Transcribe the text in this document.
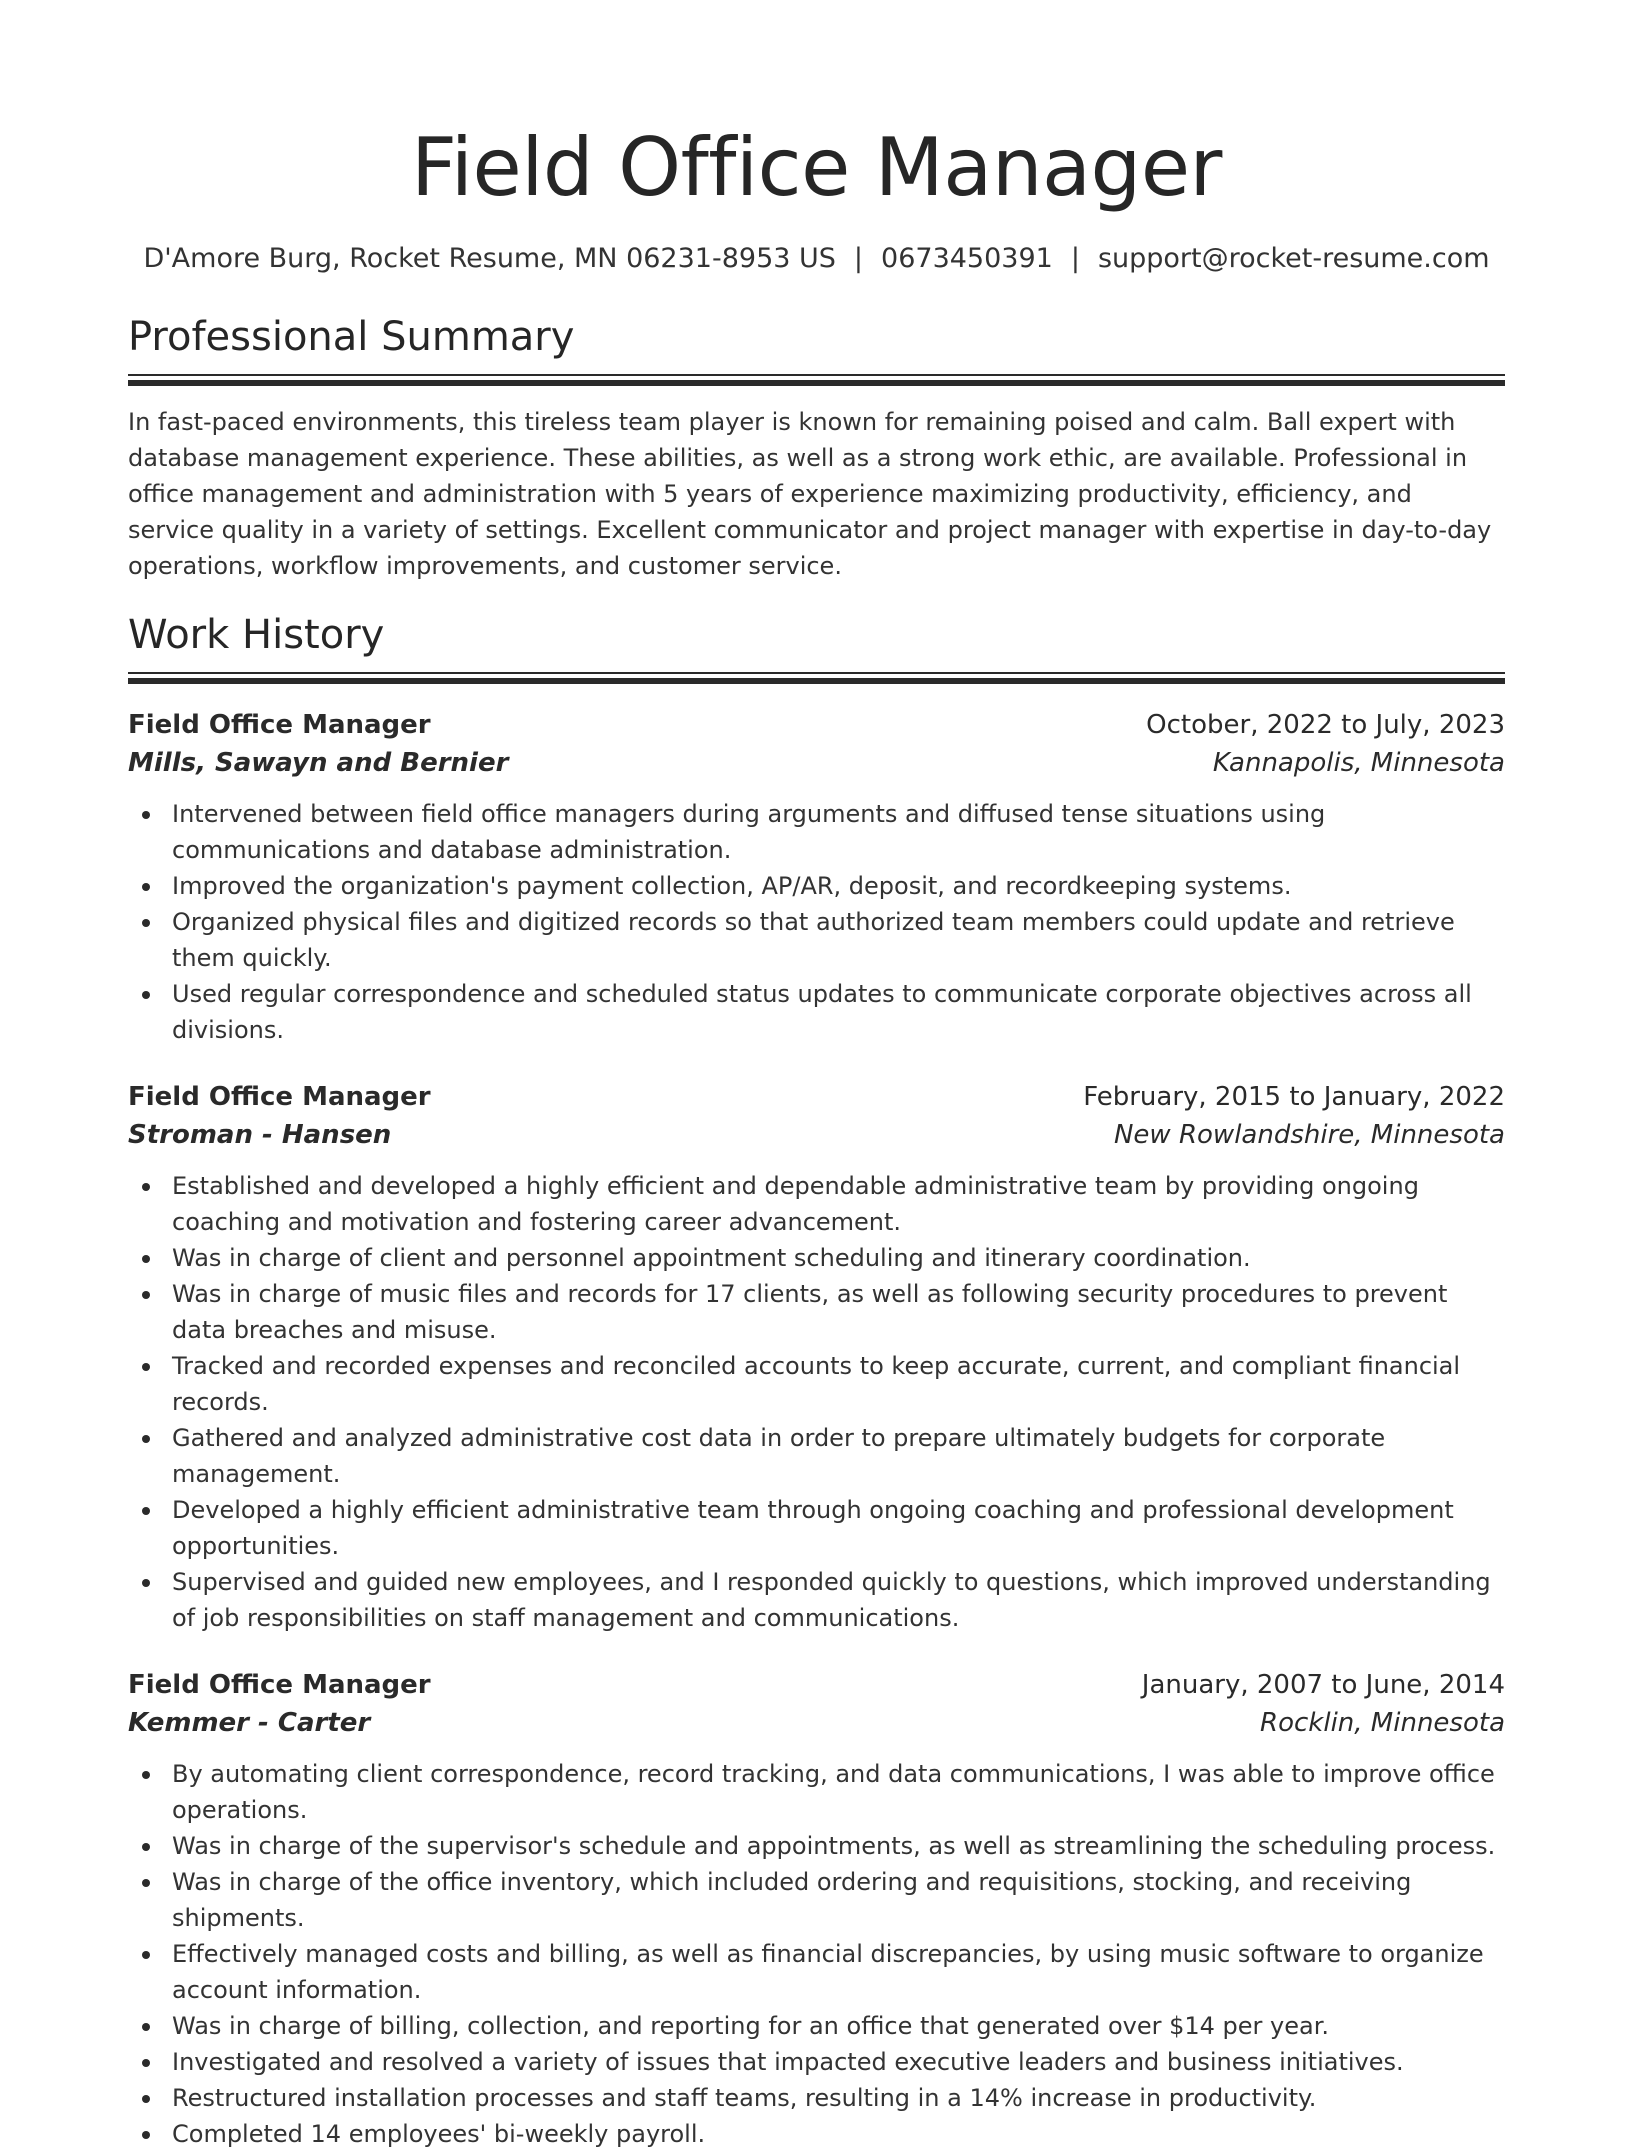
Field Office Manager
D'Amore Burg, Rocket Resume, MN 06231-8953 US | 0673450391 | support@rocket-resume.com
Professional Summary

In fast-paced environments, this tireless team player is known for remaining poised and calm. Ball expert with database management experience. These abilities, as well as a strong work ethic, are available. Professional in office management and administration with 5 years of experience maximizing productivity, efficiency, and service quality in a variety of settings. Excellent communicator and project manager with expertise in day-to-day operations, workflow improvements, and customer service.

Work History
Field Office Manager	October, 2022 to July, 2023
Mills, Sawayn and Bernier	Kannapolis, Minnesota
Intervened between field office managers during arguments and diffused tense situations using communications and database administration.
Improved the organization's payment collection, AP/AR, deposit, and recordkeeping systems.
Organized physical files and digitized records so that authorized team members could update and retrieve them quickly.
Used regular correspondence and scheduled status updates to communicate corporate objectives across all divisions.
Field Office Manager	February, 2015 to January, 2022
Stroman - Hansen	New Rowlandshire, Minnesota
Established and developed a highly efficient and dependable administrative team by providing ongoing coaching and motivation and fostering career advancement.
Was in charge of client and personnel appointment scheduling and itinerary coordination.
Was in charge of music files and records for 17 clients, as well as following security procedures to prevent data breaches and misuse.
Tracked and recorded expenses and reconciled accounts to keep accurate, current, and compliant financial records.
Gathered and analyzed administrative cost data in order to prepare ultimately budgets for corporate management.
Developed a highly efficient administrative team through ongoing coaching and professional development opportunities.
Supervised and guided new employees, and I responded quickly to questions, which improved understanding of job responsibilities on staff management and communications.
Field Office Manager	January, 2007 to June, 2014
Kemmer - Carter	Rocklin, Minnesota
By automating client correspondence, record tracking, and data communications, I was able to improve office operations.
Was in charge of the supervisor's schedule and appointments, as well as streamlining the scheduling process.
Was in charge of the office inventory, which included ordering and requisitions, stocking, and receiving shipments.
Effectively managed costs and billing, as well as financial discrepancies, by using music software to organize account information.
Was in charge of billing, collection, and reporting for an office that generated over $14 per year.
Investigated and resolved a variety of issues that impacted executive leaders and business initiatives.
Restructured installation processes and staff teams, resulting in a 14% increase in productivity.
Completed 14 employees' bi-weekly payroll.
